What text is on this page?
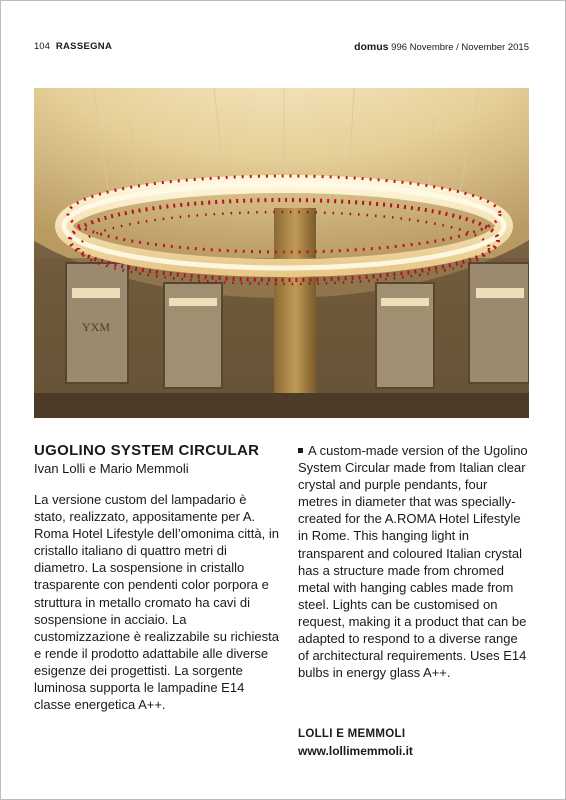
104 RASSEGNA	domus 996 Novembre / November 2015
YXM
UGOLINO SYSTEM CIRCULAR
Ivan Lolli e Mario Memmoli
La versione custom del lampadario è stato, realizzato, appositamente per A. Roma Hotel Lifestyle dell’omonima città, in cristallo italiano di quattro metri di diametro. La sospensione in cristallo trasparente con pendenti color porpora e struttura in metallo cromato ha cavi di sospensione in acciaio. La customizzazione è realizzabile su richiesta e rende il prodotto adattabile alle diverse esigenze dei progettisti. La sorgente luminosa supporta le lampadine E14 classe energetica A++.
A custom-made version of the Ugolino System Circular made from Italian clear crystal and purple pendants, four metres in diameter that was specially-created for the A.ROMA Hotel Lifestyle in Rome. This hanging light in transparent and coloured Italian crystal has a structure made from chromed metal with hanging cables made from steel. Lights can be customised on request, making it a product that can be adapted to respond to a diverse range of architectural requirements. Uses E14 bulbs in energy glass A++.
LOLLI E MEMMOLI
www.lollimemmoli.it
